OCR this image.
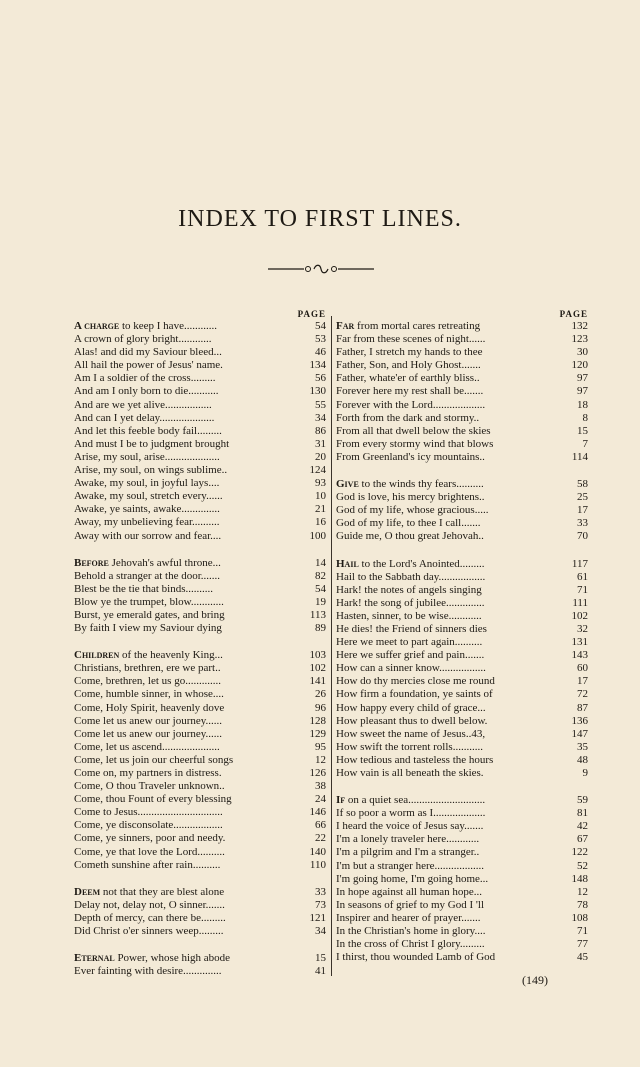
INDEX TO FIRST LINES.
PAGE
A charge to keep I have............	54
A crown of glory bright............	53
Alas! and did my Saviour bleed...	46
All hail the power of Jesus' name.	134
Am I a soldier of the cross.........	56
And am I only born to die...........	130
And are we yet alive.................	55
And can I yet delay....................	34
And let this feeble body fail.........	86
And must I be to judgment brought	31
Arise, my soul, arise....................	20
Arise, my soul, on wings sublime..	124
Awake, my soul, in joyful lays....	93
Awake, my soul, stretch every......	10
Awake, ye saints, awake..............	21
Away, my unbelieving fear..........	16
Away with our sorrow and fear....	100
Before Jehovah's awful throne...	14
Behold a stranger at the door.......	82
Blest be the tie that binds..........	54
Blow ye the trumpet, blow............	19
Burst, ye emerald gates, and bring	113
By faith I view my Saviour dying	89
Children of the heavenly King...	103
Christians, brethren, ere we part..	102
Come, brethren, let us go.............	141
Come, humble sinner, in whose....	26
Come, Holy Spirit, heavenly dove	96
Come let us anew our journey......	128
Come let us anew our journey......	129
Come, let us ascend.....................	95
Come, let us join our cheerful songs	12
Come on, my partners in distress.	126
Come, O thou Traveler unknown..	38
Come, thou Fount of every blessing	24
Come to Jesus...............................	146
Come, ye disconsolate..................	66
Come, ye sinners, poor and needy.	22
Come, ye that love the Lord..........	140
Cometh sunshine after rain..........	110
Deem not that they are blest alone	33
Delay not, delay not, O sinner.......	73
Depth of mercy, can there be.........	121
Did Christ o'er sinners weep.........	34
Eternal Power, whose high abode	15
Ever fainting with desire..............	41
PAGE
Far from mortal cares retreating	132
Far from these scenes of night......	123
Father, I stretch my hands to thee	30
Father, Son, and Holy Ghost.......	120
Father, whate'er of earthly bliss..	97
Forever here my rest shall be.......	97
Forever with the Lord...................	18
Forth from the dark and stormy..	8
From all that dwell below the skies	15
From every stormy wind that blows	7
From Greenland's icy mountains..	114
Give to the winds thy fears..........	58
God is love, his mercy brightens..	25
God of my life, whose gracious.....	17
God of my life, to thee I call.......	33
Guide me, O thou great Jehovah..	70
Hail to the Lord's Anointed.........	117
Hail to the Sabbath day.................	61
Hark! the notes of angels singing	71
Hark! the song of jubilee..............	111
Hasten, sinner, to be wise............	102
He dies! the Friend of sinners dies	32
Here we meet to part again..........	131
Here we suffer grief and pain.......	143
How can a sinner know.................	60
How do thy mercies close me round	17
How firm a foundation, ye saints of	72
How happy every child of grace...	87
How pleasant thus to dwell below.	136
How sweet the name of Jesus..43,	147
How swift the torrent rolls...........	35
How tedious and tasteless the hours	48
How vain is all beneath the skies.	9
If on a quiet sea............................	59
If so poor a worm as I...................	81
I heard the voice of Jesus say.......	42
I'm a lonely traveler here............	67
I'm a pilgrim and I'm a stranger..	122
I'm but a stranger here..................	52
I'm going home, I'm going home...	148
In hope against all human hope...	12
In seasons of grief to my God I 'll	78
Inspirer and hearer of prayer.......	108
In the Christian's home in glory....	71
In the cross of Christ I glory.........	77
I thirst, thou wounded Lamb of God	45
(149)
